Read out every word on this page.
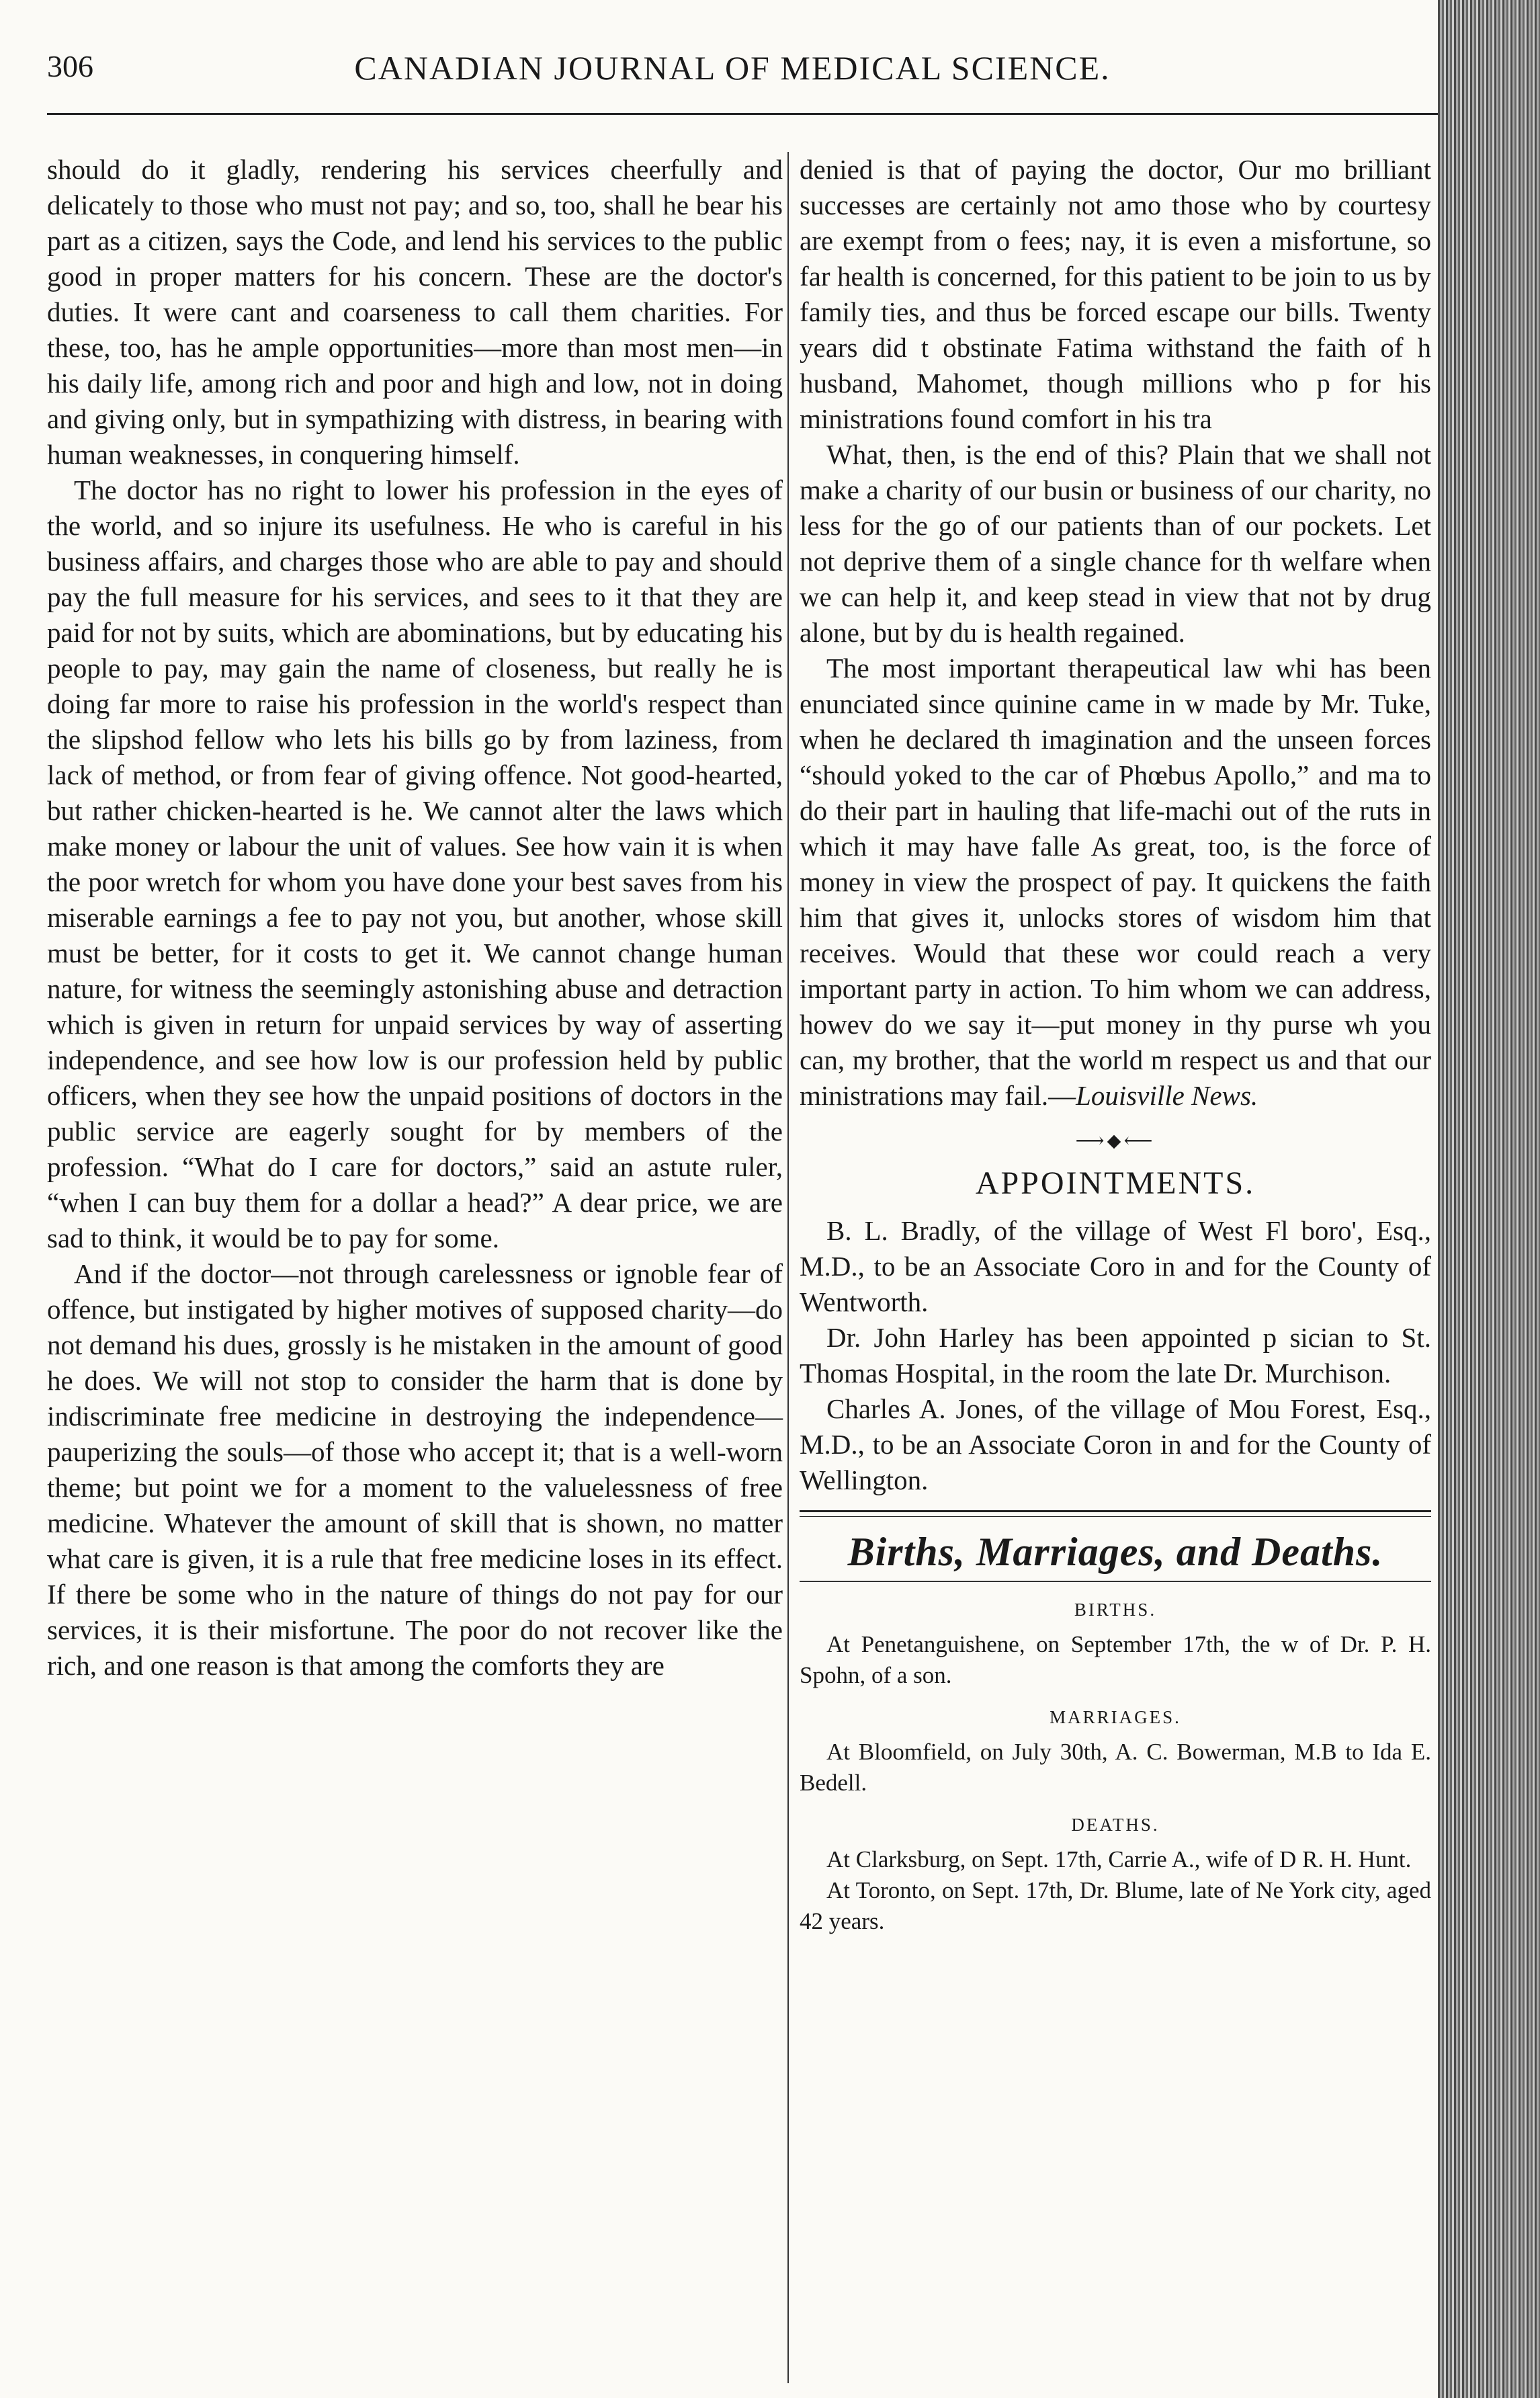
306	CANADIAN JOURNAL OF MEDICAL SCIENCE.

should do it gladly, rendering his services cheerfully and delicately to those who must not pay; and so, too, shall he bear his part as a citizen, says the Code, and lend his services to the public good in proper matters for his concern. These are the doctor's duties. It were cant and coarseness to call them charities. For these, too, has he ample opportunities—more than most men—in his daily life, among rich and poor and high and low, not in doing and giving only, but in sympathizing with distress, in bearing with human weaknesses, in conquering himself.

The doctor has no right to lower his profession in the eyes of the world, and so injure its usefulness. He who is careful in his business affairs, and charges those who are able to pay and should pay the full measure for his services, and sees to it that they are paid for not by suits, which are abominations, but by educating his people to pay, may gain the name of closeness, but really he is doing far more to raise his profession in the world's respect than the slipshod fellow who lets his bills go by from laziness, from lack of method, or from fear of giving offence. Not good-hearted, but rather chicken-hearted is he. We cannot alter the laws which make money or labour the unit of values. See how vain it is when the poor wretch for whom you have done your best saves from his miserable earnings a fee to pay not you, but another, whose skill must be better, for it costs to get it. We cannot change human nature, for witness the seemingly astonishing abuse and detraction which is given in return for unpaid services by way of asserting independence, and see how low is our profession held by public officers, when they see how the unpaid positions of doctors in the public service are eagerly sought for by members of the profession. “What do I care for doctors,” said an astute ruler, “when I can buy them for a dollar a head?” A dear price, we are sad to think, it would be to pay for some.

And if the doctor—not through carelessness or ignoble fear of offence, but instigated by higher motives of supposed charity—do not demand his dues, grossly is he mistaken in the amount of good he does. We will not stop to consider the harm that is done by indiscriminate free medicine in destroying the independence—pauperizing the souls—of those who accept it; that is a well-worn theme; but point we for a moment to the valuelessness of free medicine. Whatever the amount of skill that is shown, no matter what care is given, it is a rule that free medicine loses in its effect. If there be some who in the nature of things do not pay for our services, it is their misfortune. The poor do not recover like the rich, and one reason is that among the comforts they are

denied is that of paying the doctor, Our mo brilliant successes are certainly not amo those who by courtesy are exempt from o fees; nay, it is even a misfortune, so far health is concerned, for this patient to be join to us by family ties, and thus be forced escape our bills. Twenty years did t obstinate Fatima withstand the faith of h husband, Mahomet, though millions who p for his ministrations found comfort in his tra

What, then, is the end of this? Plain that we shall not make a charity of our busin or business of our charity, no less for the go of our patients than of our pockets. Let not deprive them of a single chance for th welfare when we can help it, and keep stead in view that not by drug alone, but by du is health regained.

The most important therapeutical law whi has been enunciated since quinine came in w made by Mr. Tuke, when he declared th imagination and the unseen forces “should yoked to the car of Phœbus Apollo,” and ma to do their part in hauling that life-machi out of the ruts in which it may have falle As great, too, is the force of money in view the prospect of pay. It quickens the faith him that gives it, unlocks stores of wisdom him that receives. Would that these wor could reach a very important party in action. To him whom we can address, howev do we say it—put money in thy purse wh you can, my brother, that the world m respect us and that our ministrations may fail.—Louisville News.

⟶⬥⟵
APPOINTMENTS.

B. L. Bradly, of the village of West Fl boro', Esq., M.D., to be an Associate Coro in and for the County of Wentworth.

Dr. John Harley has been appointed p sician to St. Thomas Hospital, in the room the late Dr. Murchison.

Charles A. Jones, of the village of Mou Forest, Esq., M.D., to be an Associate Coron in and for the County of Wellington.

Births, Marriages, and Deaths.
BIRTHS.

At Penetanguishene, on September 17th, the w of Dr. P. H. Spohn, of a son.

MARRIAGES.

At Bloomfield, on July 30th, A. C. Bowerman, M.B to Ida E. Bedell.

DEATHS.

At Clarksburg, on Sept. 17th, Carrie A., wife of D R. H. Hunt.

At Toronto, on Sept. 17th, Dr. Blume, late of Ne York city, aged 42 years.
